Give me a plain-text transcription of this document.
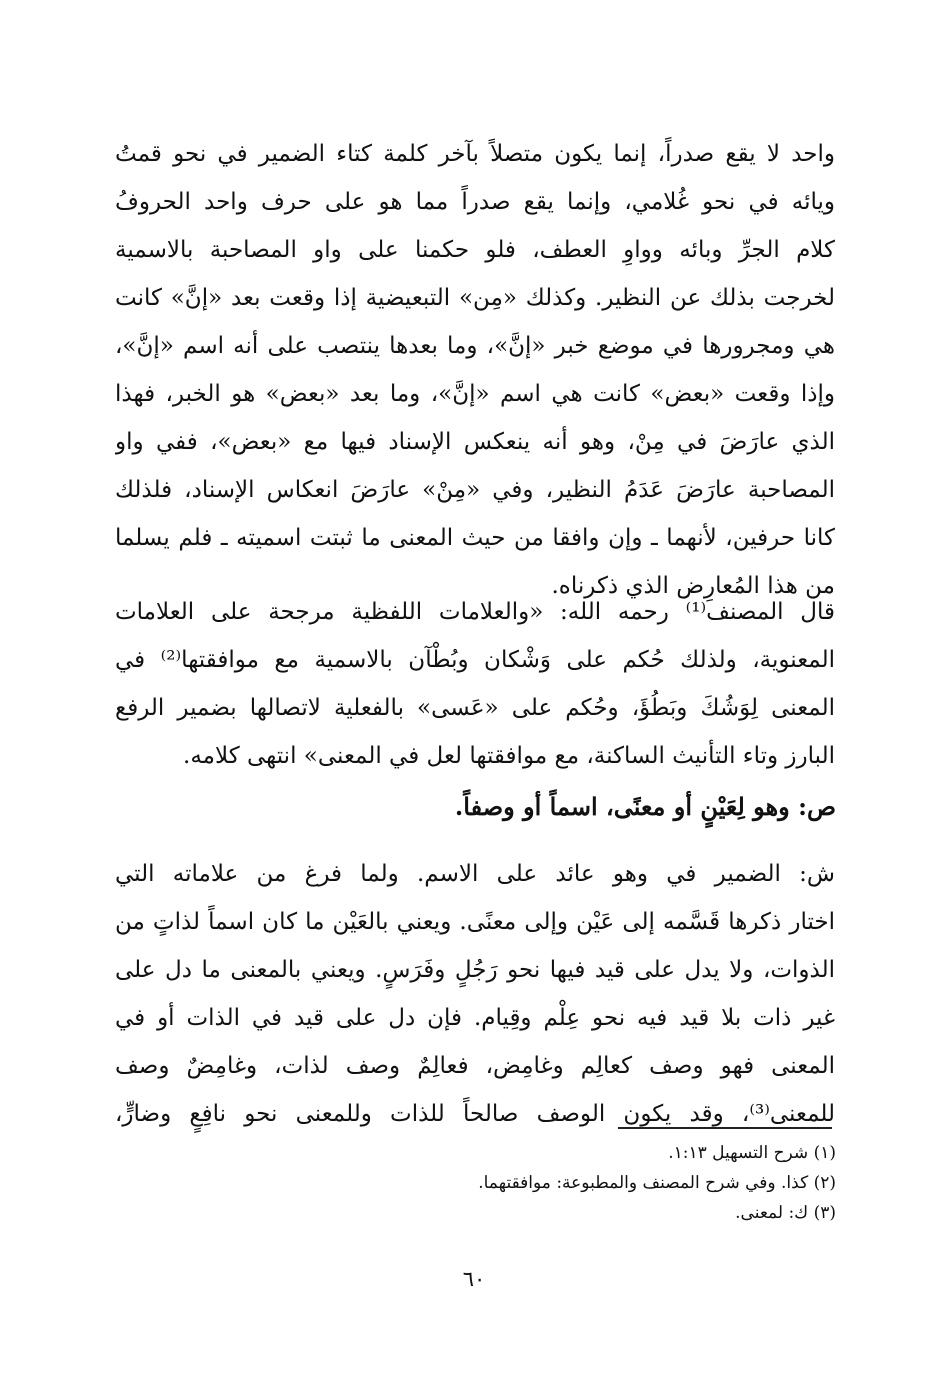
واحد لا يقع صدراً، إنما يكون متصلاً بآخر كلمة كتاء الضمير في نحو قمتُ
ويائه في نحو غُلامي، وإنما يقع صدراً مما هو على حرف واحد الحروفُ
كلام الجرِّ وبائه وواوِ العطف، فلو حكمنا على واو المصاحبة بالاسمية
لخرجت بذلك عن النظير. وكذلك «مِن» التبعيضية إذا وقعت بعد «إنَّ» كانت
هي ومجرورها في موضع خبر «إنَّ»، وما بعدها ينتصب على أنه اسم «إنَّ»،
وإذا وقعت «بعض» كانت هي اسم «إنَّ»، وما بعد «بعض» هو الخبر، فهذا
الذي عارَضَ في مِنْ، وهو أنه ينعكس الإسناد فيها مع «بعض»، ففي واو
المصاحبة عارَضَ عَدَمُ النظير، وفي «مِنْ» عارَضَ انعكاس الإسناد، فلذلك
كانا حرفين، لأنهما ـ وإن وافقا من حيث المعنى ما ثبتت اسميته ـ فلم يسلما
من هذا المُعارِض الذي ذكرناه.
قال المصنف⁽¹⁾ رحمه الله: «والعلامات اللفظية مرجحة على العلامات
المعنوية، ولذلك حُكم على وَشْكان وبُطْآن بالاسمية مع موافقتها⁽²⁾ في
المعنى لِوَشُكَ وبَطُؤَ، وحُكم على «عَسى» بالفعلية لاتصالها بضمير الرفع
البارز وتاء التأنيث الساكنة، مع موافقتها لعل في المعنى» انتهى كلامه.
ص: وهو لِعَيْنٍ أو معنًى، اسماً أو وصفاً.
ش: الضمير في وهو عائد على الاسم. ولما فرغ من علاماته التي
اختار ذكرها قَسَّمه إلى عَيْن وإلى معنًى. ويعني بالعَيْن ما كان اسماً لذاتٍ من
الذوات، ولا يدل على قيد فيها نحو رَجُلٍ وفَرَسٍ. ويعني بالمعنى ما دل على
غير ذات بلا قيد فيه نحو عِلْم وقِيام. فإن دل على قيد في الذات أو في
المعنى فهو وصف كعالِم وغامِض، فعالِمٌ وصف لذات، وغامِضٌ وصف
للمعنى⁽³⁾، وقد يكون الوصف صالحاً للذات وللمعنى نحو نافِعٍ وضارٍّ،
(١) شرح التسهيل ١:١٣.
(٢) كذا. وفي شرح المصنف والمطبوعة: موافقتهما.
(٣) ك: لمعنى.
٦٠
